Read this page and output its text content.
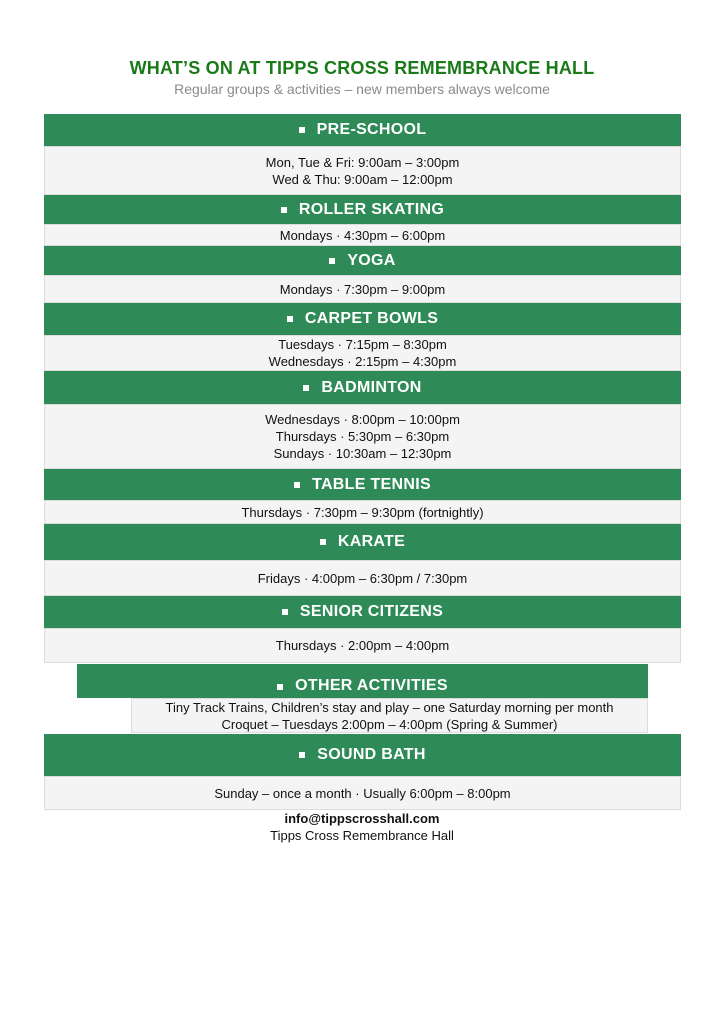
WHAT’S ON AT TIPPS CROSS REMEMBRANCE HALL
Regular groups & activities – new members always welcome
PRE-SCHOOL
Mon, Tue & Fri: 9:00am – 3:00pm
Wed & Thu: 9:00am – 12:00pm
ROLLER SKATING
Mondays · 4:30pm – 6:00pm
YOGA
Mondays · 7:30pm – 9:00pm
CARPET BOWLS
Tuesdays · 7:15pm – 8:30pm
Wednesdays · 2:15pm – 4:30pm
BADMINTON
Wednesdays · 8:00pm – 10:00pm
Thursdays · 5:30pm – 6:30pm
Sundays · 10:30am – 12:30pm
TABLE TENNIS
Thursdays · 7:30pm – 9:30pm (fortnightly)
KARATE
Fridays · 4:00pm – 6:30pm / 7:30pm
SENIOR CITIZENS
Thursdays · 2:00pm – 4:00pm
OTHER ACTIVITIES
Tiny Track Trains, Children’s stay and play – one Saturday morning per month
Croquet – Tuesdays 2:00pm – 4:00pm (Spring & Summer)
SOUND BATH
Sunday – once a month · Usually 6:00pm – 8:00pm
info@tippscrosshall.com
Tipps Cross Remembrance Hall
